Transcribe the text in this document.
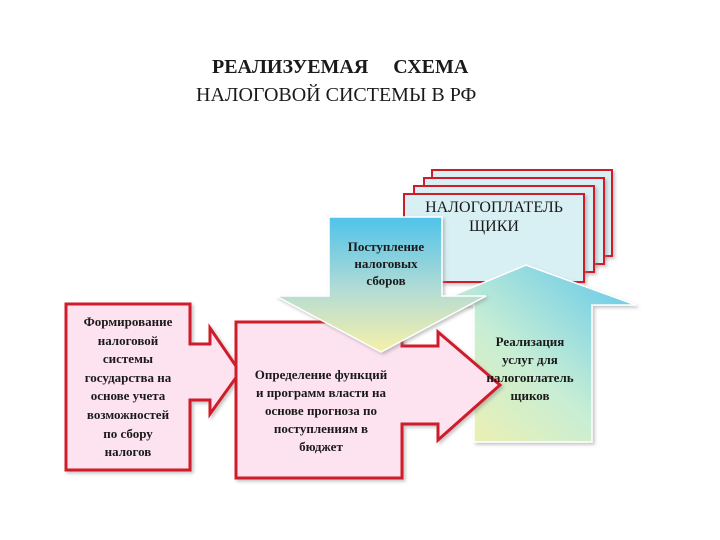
РЕАЛИЗУЕМАЯ     СХЕМА
НАЛОГОВОЙ СИСТЕМЫ В РФ
НАЛОГОПЛАТЕЛЬ
ЩИКИ
Поступление
налоговых
сборов
Формирование
налоговой
системы
государства на
основе учета
возможностей
по сбору
налогов
Определение функций
и программ власти на
основе прогноза по
поступлениям в
бюджет
Реализация
услуг для
налогоплатель
щиков
